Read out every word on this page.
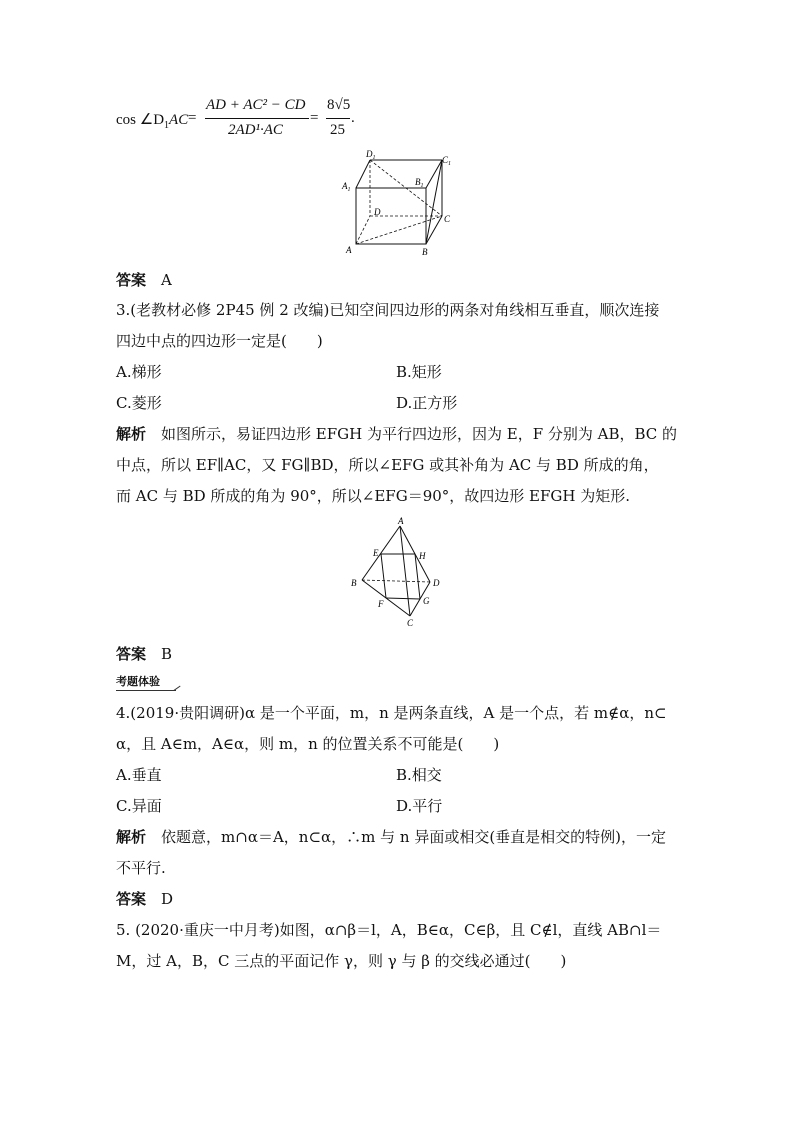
$\cos \angle D_1AC$ =
AD + AC² − CD
2AD¹·AC
=
8√5
25
.
$D_1$	$C_1$
$A_1$
$B_1$
D
C
A	B
答案　 A
3.(老教材必修 2P45 例 2 改编)已知空间四边形的两条对角线相互垂直，顺次连接
四边中点的四边形一定是(　　)
A.梯形	B.矩形
C.菱形	D.正方形
解析　 如图所示，易证四边形 EFGH 为平行四边形，因为 E，F 分别为 AB，BC 的
中点，所以 EF∥AC，又 FG∥BD，所以∠EFG 或其补角为 AC 与 BD 所成的角，
而 AC 与 BD 所成的角为 90°，所以∠EFG＝90°，故四边形 EFGH 为矩形.
A
E	H
B	D
F	G
C
答案　 B
考题体验
4.(2019·贵阳调研)α 是一个平面，m，n 是两条直线，A 是一个点，若 m∉α，n⊂
α，且 A∈m，A∈α，则 m，n 的位置关系不可能是(　　)
A.垂直	B.相交
C.异面	D.平行
解析　 依题意，m∩α＝A，n⊂α，∴m 与 n 异面或相交(垂直是相交的特例)，一定
不平行.
答案　 D
5. (2020·重庆一中月考)如图，α∩β＝l，A，B∈α，C∈β，且 C∉l，直线 AB∩l＝
M，过 A，B，C 三点的平面记作 γ，则 γ 与 β 的交线必通过(　　)
